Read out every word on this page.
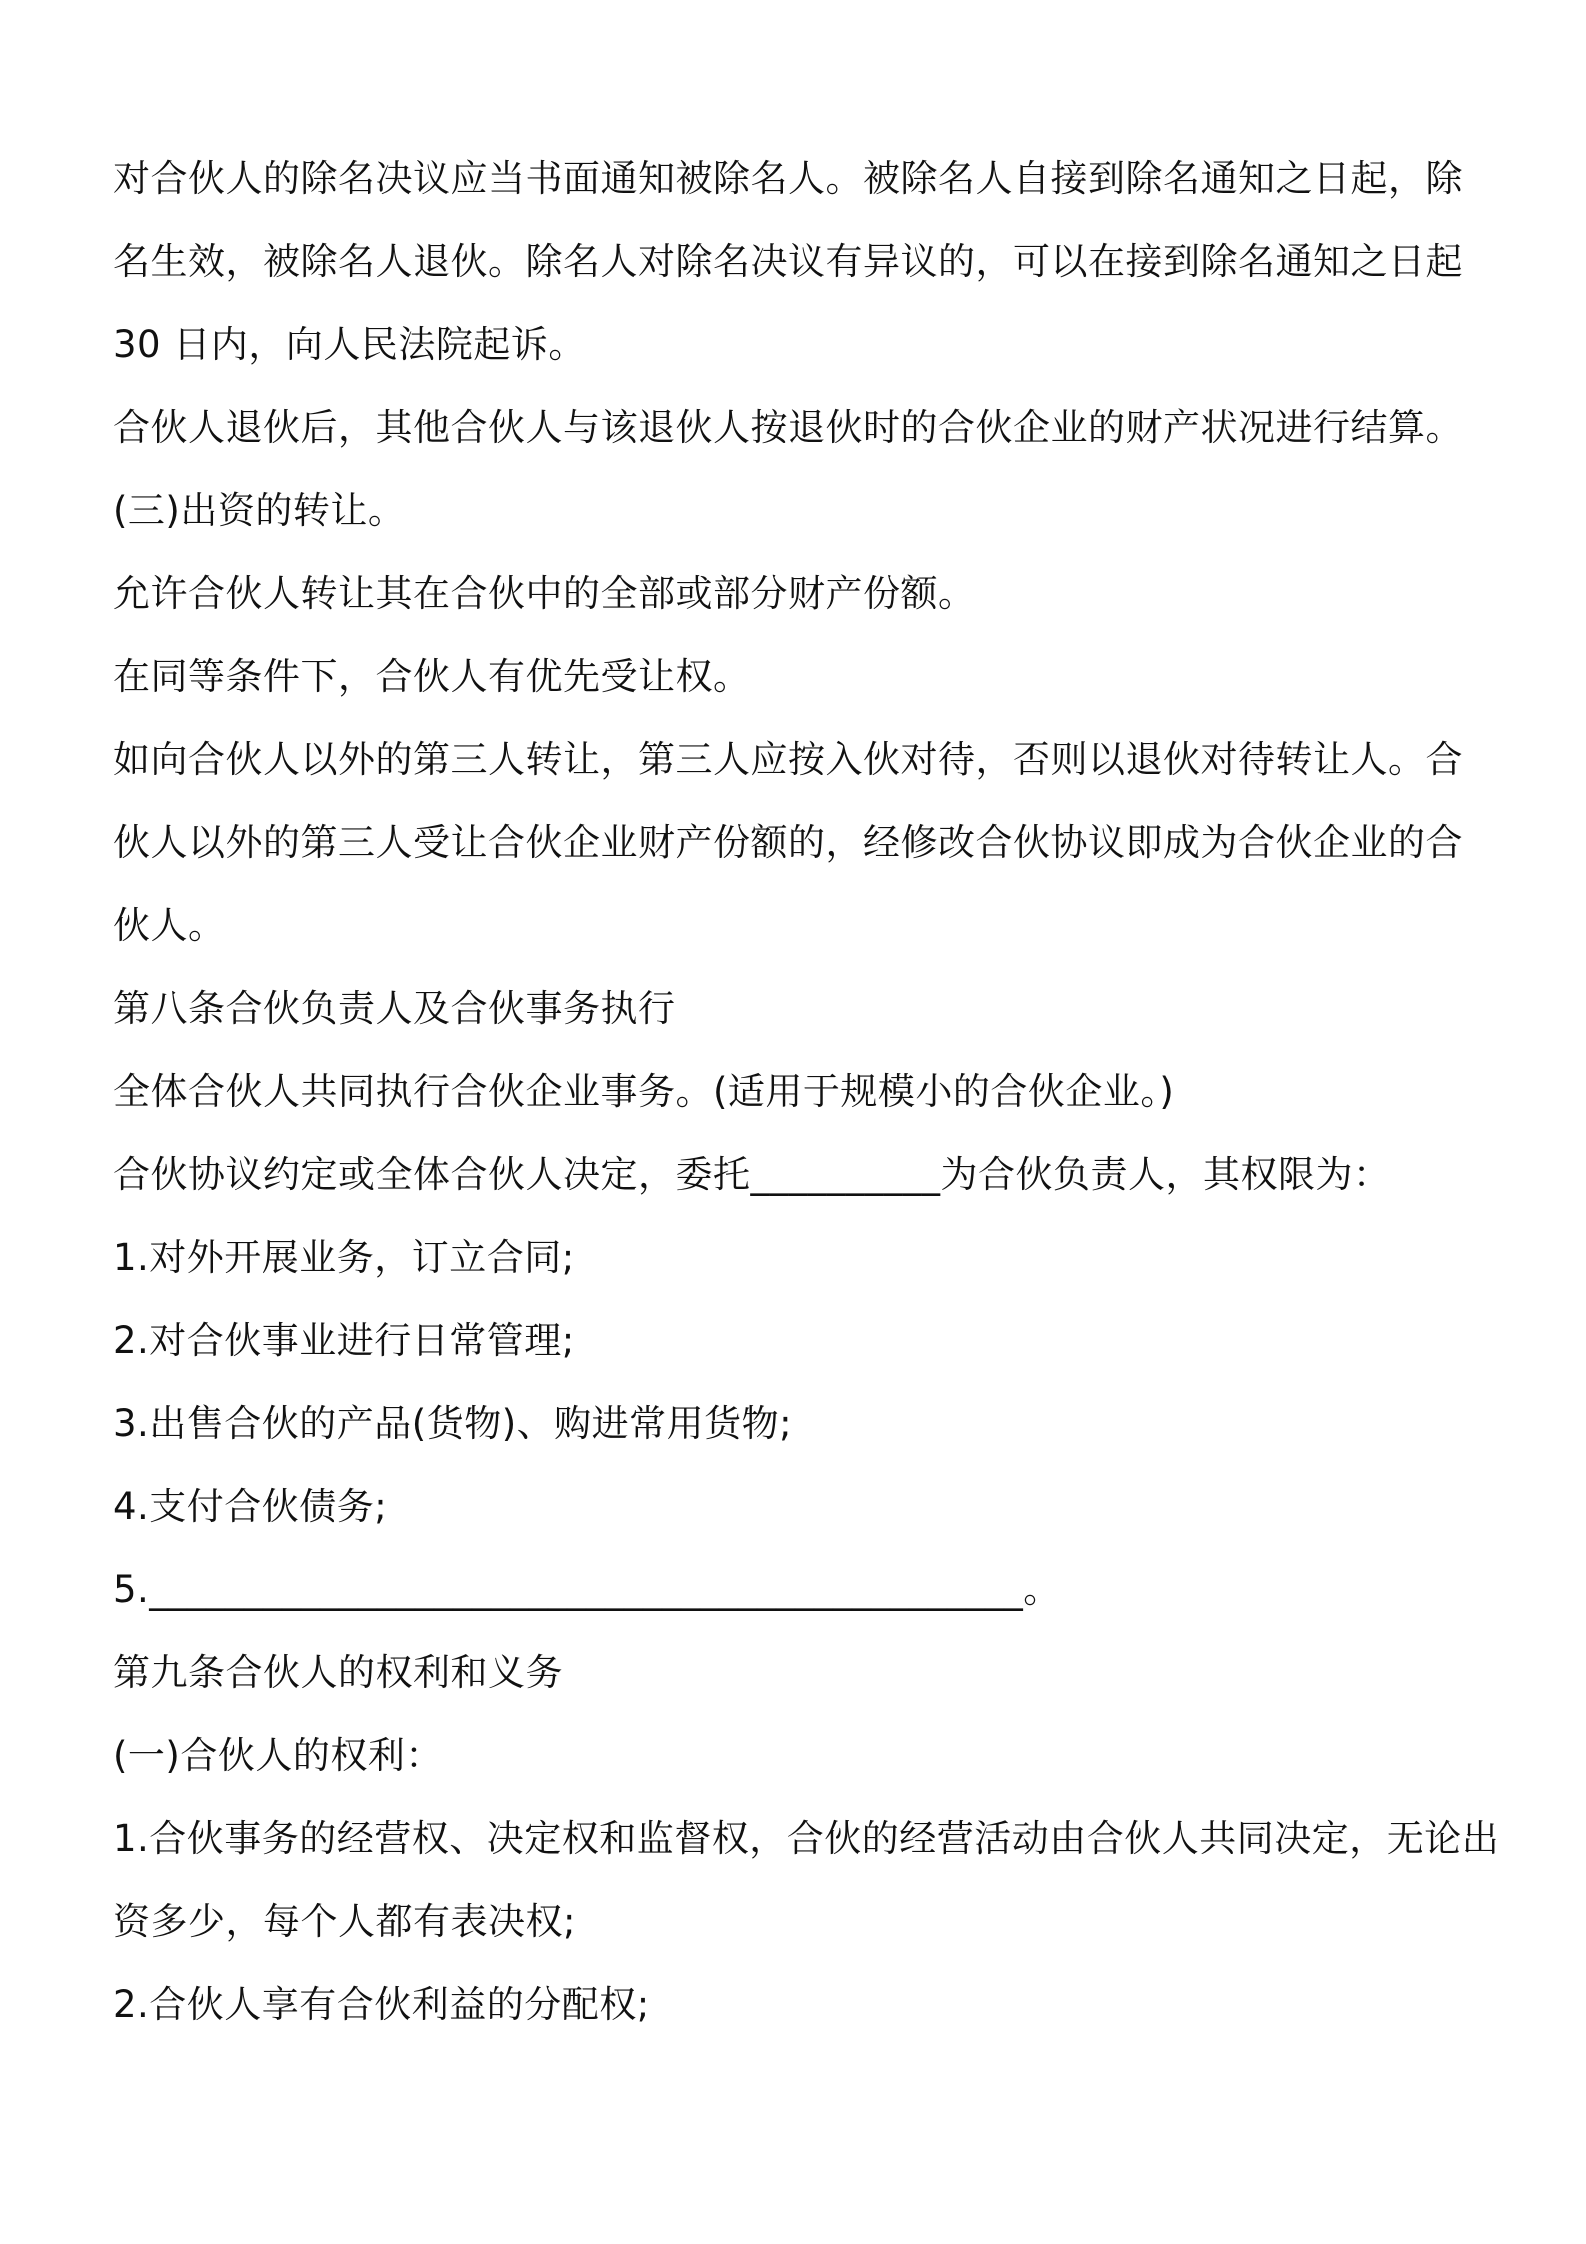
对合伙人的除名决议应当书面通知被除名人。被除名人自接到除名通知之日起，除
名生效，被除名人退伙。除名人对除名决议有异议的，可以在接到除名通知之日起
30 日内，向人民法院起诉。
合伙人退伙后，其他合伙人与该退伙人按退伙时的合伙企业的财产状况进行结算。
(三)出资的转让。
允许合伙人转让其在合伙中的全部或部分财产份额。
在同等条件下，合伙人有优先受让权。
如向合伙人以外的第三人转让，第三人应按入伙对待，否则以退伙对待转让人。合
伙人以外的第三人受让合伙企业财产份额的，经修改合伙协议即成为合伙企业的合
伙人。
第八条合伙负责人及合伙事务执行
全体合伙人共同执行合伙企业事务。(适用于规模小的合伙企业。)
合伙协议约定或全体合伙人决定，委托__________为合伙负责人，其权限为：
1.对外开展业务，订立合同;
2.对合伙事业进行日常管理;
3.出售合伙的产品(货物)、购进常用货物;
4.支付合伙债务;
5.______________________________________________。
第九条合伙人的权利和义务
(一)合伙人的权利：
1.合伙事务的经营权、决定权和监督权，合伙的经营活动由合伙人共同决定，无论出
资多少，每个人都有表决权;
2.合伙人享有合伙利益的分配权;
